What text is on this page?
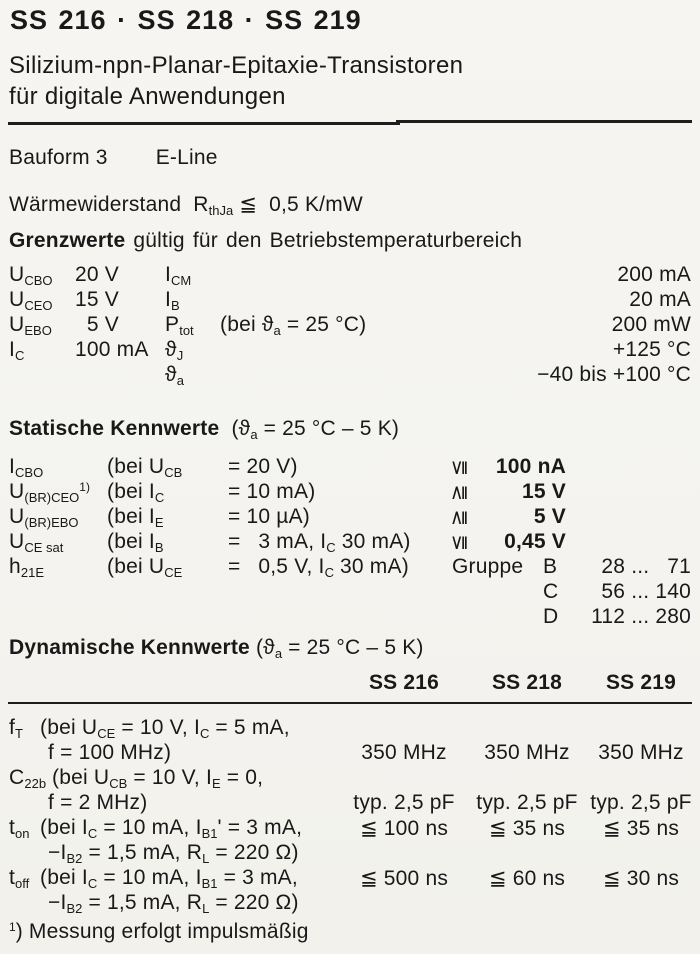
SS 216 · SS 218 · SS 219
Silizium-npn-Planar-Epitaxie-Transistoren
für digitale Anwendungen
Bauform 3 E-Line
Wärmewiderstand  $R_{thJa}$ ≦  0,5 K/mW
Grenzwerte gültig für den Betriebstemperaturbereich
$U_{CBO}$ 20 V $I_{CM}$	200 mA
$U_{CEO}$ 15 V $I_B$	20 mA
$U_{EBO}$  5 V $P_{tot}$ (bei $ϑ_a = 25$ °C)	200 mW
$I_C$ 100 mA $ϑ_J$	+125 °C
$ϑ_a$	−40 bis +100 °C
Statische Kennwerte  ($ϑ_a = 25$ °C – 5 K)
$I_{CBO}$	(bei $U_{CB} = 20$ V)	≦	100 nA
$U_{(BR)CEO}^{1)}$ (bei $I_C$	= 10 mA)	≧	15 V
$U_{(BR)EBO}$ (bei $I_E$	= 10 µA)	≧	5 V
$U_{CE sat}$ (bei $I_B$	=  3 mA, $I_C$ 30 mA) ≦	0,45 V
$h_{21E}$	(bei $U_{CE}$ =  0,5 V, $I_C$ 30 mA) Gruppe B	28 ...  71
C	56 ... 140
D	112 ... 280
Dynamische Kennwerte ($ϑ_a = 25$ °C – 5 K)
SS 216	SS 218	SS 219
$f_T$ (bei $U_{CE} = 10$ V, $I_C = 5$ mA,
f = 100 MHz)	350 MHz	350 MHz	350 MHz
$C_{22b}$ (bei $U_{CB} = 10$ V, $I_E = 0$,
f = 2 MHz)	typ. 2,5 pF	typ. 2,5 pF typ. 2,5 pF
$t_{on}$ (bei $I_C = 10$ mA, $I_{B1}' = 3$ mA,	≦ 100 ns	≦ 35 ns	≦ 35 ns
$-I_{B2} = 1,5$ mA, $R_L = 220$ Ω)
$t_{off}$ (bei $I_C = 10$ mA, $I_{B1} = 3$ mA,	≦ 500 ns	≦ 60 ns	≦ 30 ns
$-I_{B2} = 1,5$ mA, $R_L = 220$ Ω)
$^1$) Messung erfolgt impulsmäßig
